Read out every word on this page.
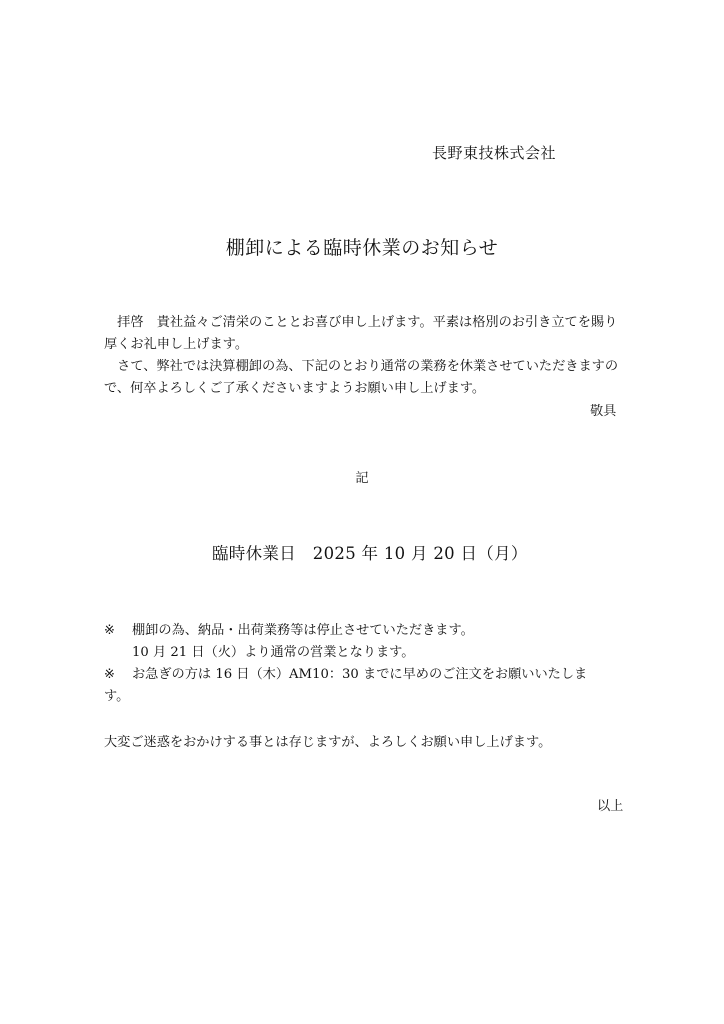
長野東技株式会社
棚卸による臨時休業のお知らせ
　拝啓　貴社益々ご清栄のこととお喜び申し上げます。平素は格別のお引き立てを賜り
厚くお礼申し上げます。
　さて、弊社では決算棚卸の為、下記のとおり通常の業務を休業させていただきますの
で、何卒よろしくご了承くださいますようお願い申し上げます。
敬具
記
臨時休業日　2025 年 10 月 20 日（月）
※ 棚卸の為、納品・出荷業務等は停止させていただきます。
10 月 21 日（火）より通常の営業となります。
※ お急ぎの方は 16 日（木）AM10：30 までに早めのご注文をお願いいたしま
す。
大変ご迷惑をおかけする事とは存じますが、よろしくお願い申し上げます。
以上
